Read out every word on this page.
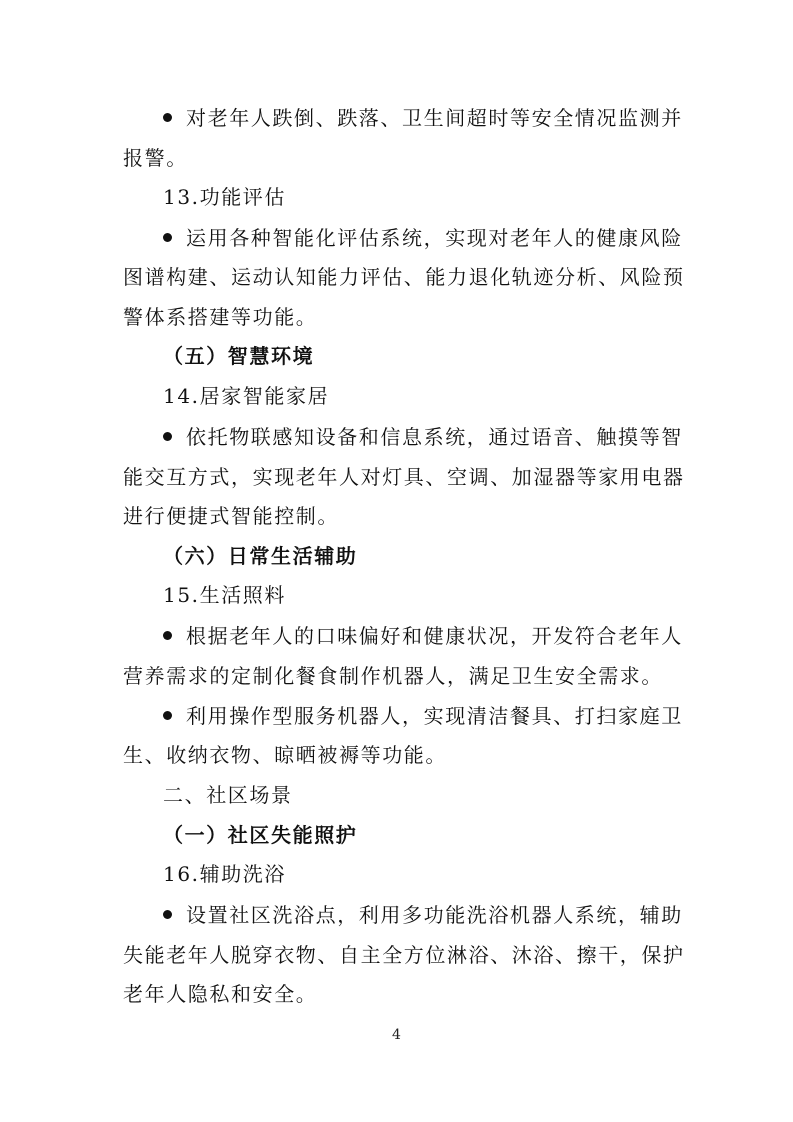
对老年人跌倒、跌落、卫生间超时等安全情况监测并
报警。
13.功能评估
运用各种智能化评估系统，实现对老年人的健康风险
图谱构建、运动认知能力评估、能力退化轨迹分析、风险预
警体系搭建等功能。
（五）智慧环境
14.居家智能家居
依托物联感知设备和信息系统，通过语音、触摸等智
能交互方式，实现老年人对灯具、空调、加湿器等家用电器
进行便捷式智能控制。
（六）日常生活辅助
15.生活照料
根据老年人的口味偏好和健康状况，开发符合老年人
营养需求的定制化餐食制作机器人，满足卫生安全需求。
利用操作型服务机器人，实现清洁餐具、打扫家庭卫
生、收纳衣物、晾晒被褥等功能。
二、社区场景
（一）社区失能照护
16.辅助洗浴
设置社区洗浴点，利用多功能洗浴机器人系统，辅助
失能老年人脱穿衣物、自主全方位淋浴、沐浴、擦干，保护
老年人隐私和安全。
4
